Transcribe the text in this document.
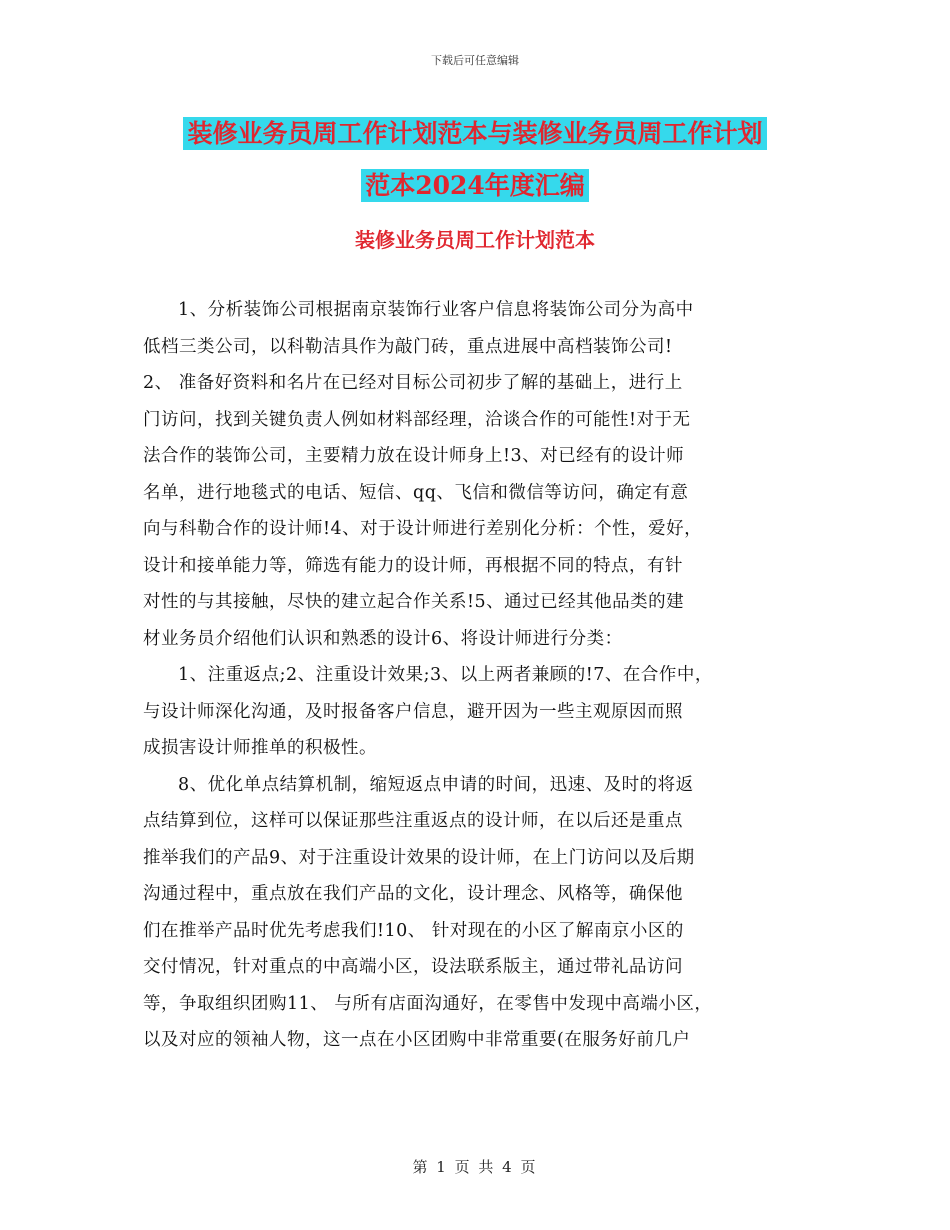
下载后可任意编辑
装修业务员周工作计划范本与装修业务员周工作计划
范本2024年度汇编
装修业务员周工作计划范本

1、分析装饰公司根据南京装饰行业客户信息将装饰公司分为高中

低档三类公司，以科勒洁具作为敲门砖，重点进展中高档装饰公司!

2、 准备好资料和名片在已经对目标公司初步了解的基础上，进行上

门访问，找到关键负责人例如材料部经理，洽谈合作的可能性!对于无

法合作的装饰公司，主要精力放在设计师身上!3、对已经有的设计师

名单，进行地毯式的电话、短信、qq、飞信和微信等访问，确定有意

向与科勒合作的设计师!4、对于设计师进行差别化分析：个性，爱好，

设计和接单能力等，筛选有能力的设计师，再根据不同的特点，有针

对性的与其接触，尽快的建立起合作关系!5、通过已经其他品类的建

材业务员介绍他们认识和熟悉的设计6、将设计师进行分类：

1、注重返点;2、注重设计效果;3、以上两者兼顾的!7、在合作中，

与设计师深化沟通，及时报备客户信息，避开因为一些主观原因而照

成损害设计师推单的积极性。

8、优化单点结算机制，缩短返点申请的时间，迅速、及时的将返

点结算到位，这样可以保证那些注重返点的设计师，在以后还是重点

推举我们的产品9、对于注重设计效果的设计师，在上门访问以及后期

沟通过程中，重点放在我们产品的文化，设计理念、风格等，确保他

们在推举产品时优先考虑我们!10、 针对现在的小区了解南京小区的

交付情况，针对重点的中高端小区，设法联系版主，通过带礼品访问

等，争取组织团购11、 与所有店面沟通好，在零售中发现中高端小区，

以及对应的领袖人物，这一点在小区团购中非常重要(在服务好前几户

第 1 页 共 4 页
